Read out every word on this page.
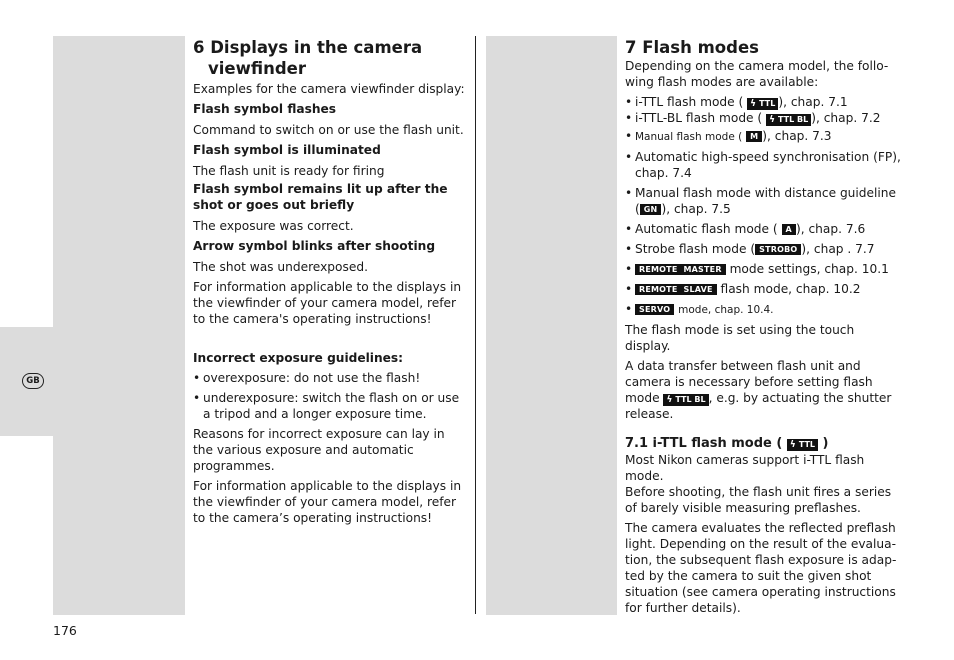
GB
6 Displays in the camera
viewfinder

Examples for the camera viewfinder display:

Flash symbol flashes

Command to switch on or use the flash unit.

Flash symbol is illuminated

The flash unit is ready for firing

Flash symbol remains lit up after the shot or goes out briefly

The exposure was correct.

Arrow symbol blinks after shooting

The shot was underexposed.

For information applicable to the displays in the viewfinder of your camera model, refer to the camera's operating instructions!

Incorrect exposure guidelines:

• overexposure: do not use the flash!

• underexposure: switch the flash on or use a tripod and a longer exposure time.

Reasons for incorrect exposure can lay in the various exposure and automatic programmes.

For information applicable to the displays in the viewfinder of your camera model, refer to the camera’s operating instructions!

7 Flash modes

Depending on the camera model, the follo-wing flash modes are available:

• i-TTL flash mode ( ϟ TTL ), chap. 7.1

• i-TTL-BL flash mode ( ϟ TTL BL ), chap. 7.2

• Manual flash mode ( M ), chap. 7.3

• Automatic high-speed synchronisation (FP), chap. 7.4

• Manual flash mode with distance guideline ( GN ), chap. 7.5

• Automatic flash mode ( A ), chap. 7.6

• Strobe flash mode ( STROBO ), chap . 7.7

• REMOTE  MASTER mode settings, chap. 10.1

• REMOTE  SLAVE flash mode, chap. 10.2

• SERVO mode, chap. 10.4.

The flash mode is set using the touch display.

A data transfer between flash unit and camera is necessary before setting flash mode ϟ TTL BL , e.g. by actuating the shutter release.

7.1 i-TTL flash mode ( ϟ TTL )

Most Nikon cameras support i-TTL flash mode.

Before shooting, the flash unit fires a series of barely visible measuring preflashes.

The camera evaluates the reflected preflash light. Depending on the result of the evalua-tion, the subsequent flash exposure is adap-ted by the camera to suit the given shot situation (see camera operating instructions for further details).

176
